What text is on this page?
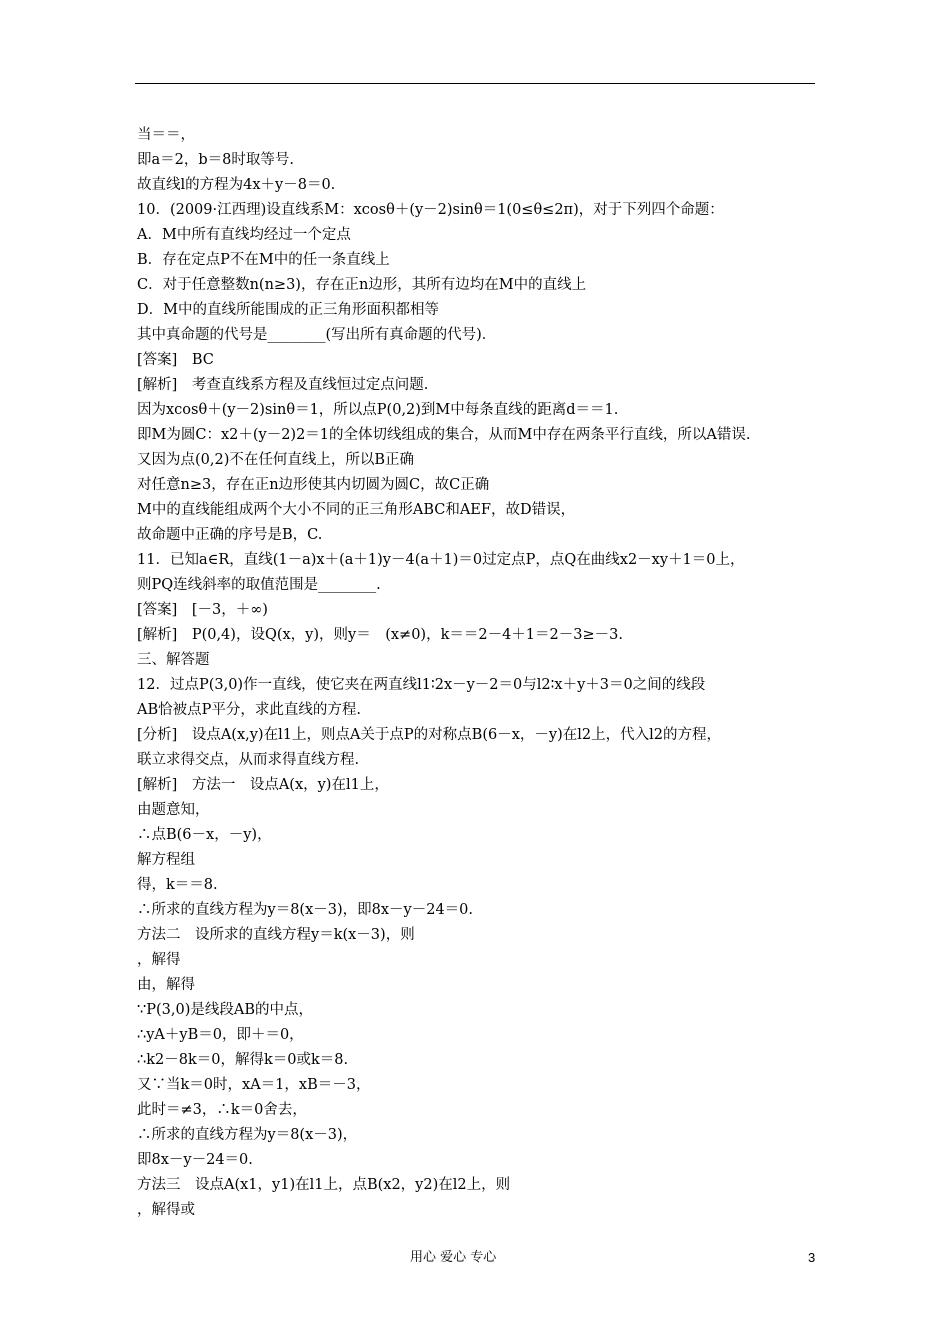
当＝＝，
即a＝2，b＝8时取等号.
故直线l的方程为4x＋y－8＝0.
10．(2009·江西理)设直线系M：xcosθ＋(y－2)sinθ＝1(0≤θ≤2π)，对于下列四个命题：
A．M中所有直线均经过一个定点
B．存在定点P不在M中的任一条直线上
C．对于任意整数n(n≥3)，存在正n边形，其所有边均在M中的直线上
D．M中的直线所能围成的正三角形面积都相等
其中真命题的代号是________(写出所有真命题的代号)．
[答案]　BC
[解析]　考查直线系方程及直线恒过定点问题.
因为xcosθ＋(y－2)sinθ＝1，所以点P(0,2)到M中每条直线的距离d＝＝1.
即M为圆C：x2＋(y－2)2＝1的全体切线组成的集合，从而M中存在两条平行直线，所以A错误.
又因为点(0,2)不在任何直线上，所以B正确
对任意n≥3，存在正n边形使其内切圆为圆C，故C正确
M中的直线能组成两个大小不同的正三角形ABC和AEF，故D错误，
故命题中正确的序号是B，C.
11．已知a∈R，直线(1－a)x＋(a＋1)y－4(a＋1)＝0过定点P，点Q在曲线x2－xy＋1＝0上，
则PQ连线斜率的取值范围是________.
[答案]　[－3，＋∞)
[解析]　P(0,4)，设Q(x，y)，则y＝　(x≠0)，k＝＝2－4＋1＝2－3≥－3.
三、解答题
12．过点P(3,0)作一直线，使它夹在两直线l1∶2x－y－2＝0与l2∶x＋y＋3＝0之间的线段
AB恰被点P平分，求此直线的方程.
[分析]　设点A(x,y)在l1上，则点A关于点P的对称点B(6－x，－y)在l2上，代入l2的方程，
联立求得交点，从而求得直线方程.
[解析]　方法一　设点A(x，y)在l1上，
由题意知，
∴点B(6－x，－y)，
解方程组
得，k＝＝8.
∴所求的直线方程为y＝8(x－3)，即8x－y－24＝0.
方法二　设所求的直线方程y＝k(x－3)，则
，解得
由，解得
∵P(3,0)是线段AB的中点，
∴yA＋yB＝0，即＋＝0，
∴k2－8k＝0，解得k＝0或k＝8.
又∵当k＝0时，xA＝1，xB＝－3，
此时＝≠3，∴k＝0舍去，
∴所求的直线方程为y＝8(x－3)，
即8x－y－24＝0.
方法三　设点A(x1，y1)在l1上，点B(x2，y2)在l2上，则
，解得或
用心 爱心 专心	3
